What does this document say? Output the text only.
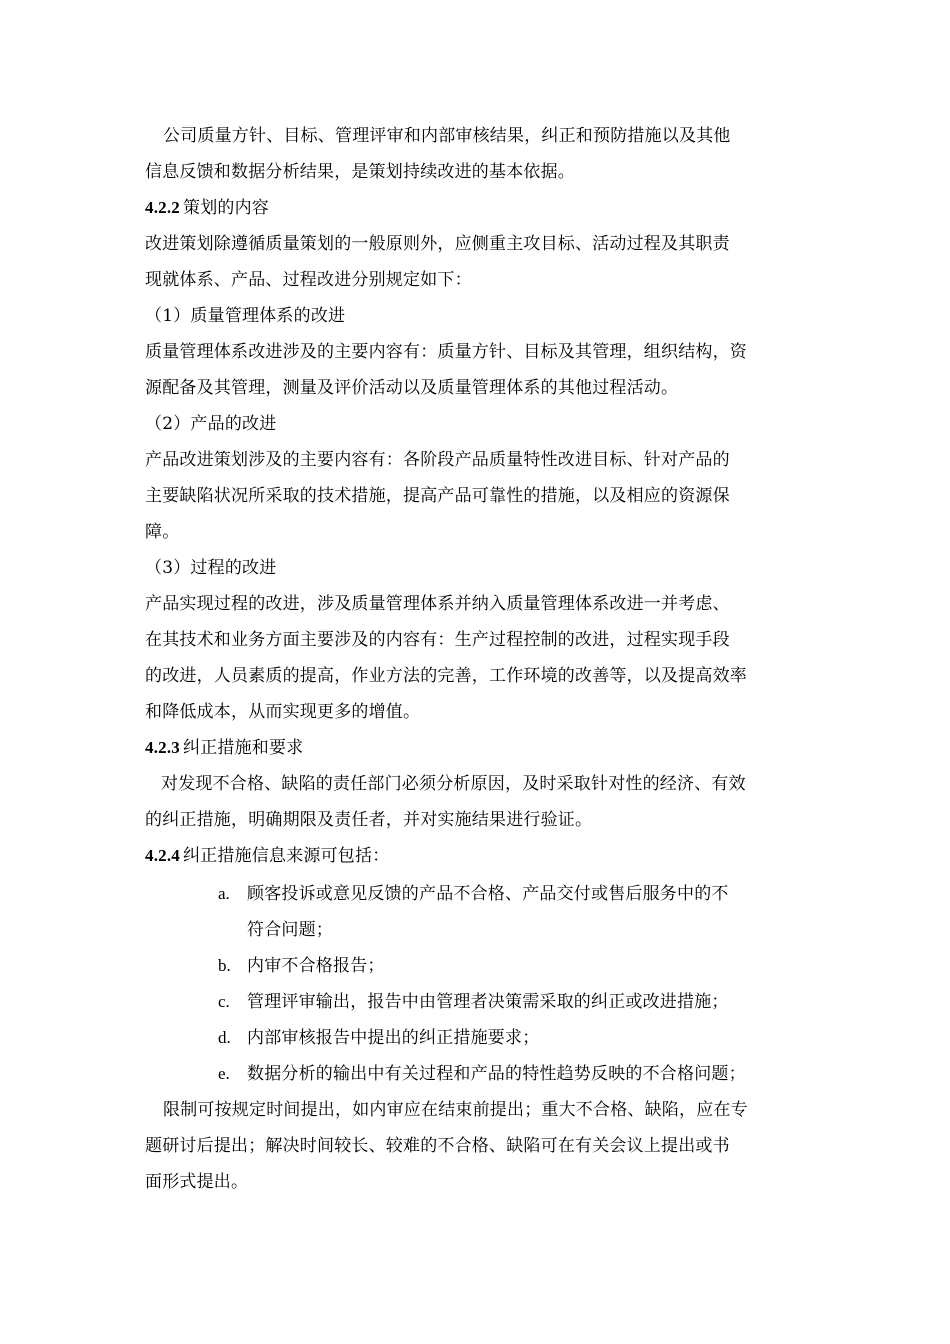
公司质量方针、目标、管理评审和内部审核结果，纠正和预防措施以及其他
信息反馈和数据分析结果，是策划持续改进的基本依据。
4.2.2 策划的内容
改进策划除遵循质量策划的一般原则外，应侧重主攻目标、活动过程及其职责
现就体系、产品、过程改进分别规定如下：
（1）质量管理体系的改进
质量管理体系改进涉及的主要内容有：质量方针、目标及其管理，组织结构，资
源配备及其管理，测量及评价活动以及质量管理体系的其他过程活动。
（2）产品的改进
产品改进策划涉及的主要内容有：各阶段产品质量特性改进目标、针对产品的
主要缺陷状况所采取的技术措施，提高产品可靠性的措施，以及相应的资源保
障。
（3）过程的改进
产品实现过程的改进，涉及质量管理体系并纳入质量管理体系改进一并考虑、
在其技术和业务方面主要涉及的内容有：生产过程控制的改进，过程实现手段
的改进，人员素质的提高，作业方法的完善，工作环境的改善等，以及提高效率
和降低成本，从而实现更多的增值。
4.2.3 纠正措施和要求
对发现不合格、缺陷的责任部门必须分析原因，及时采取针对性的经济、有效
的纠正措施，明确期限及责任者，并对实施结果进行验证。
4.2.4 纠正措施信息来源可包括：
a. 顾客投诉或意见反馈的产品不合格、产品交付或售后服务中的不
符合问题；
b. 内审不合格报告；
c. 管理评审输出，报告中由管理者决策需采取的纠正或改进措施；
d. 内部审核报告中提出的纠正措施要求；
e. 数据分析的输出中有关过程和产品的特性趋势反映的不合格问题；
限制可按规定时间提出，如内审应在结束前提出；重大不合格、缺陷，应在专
题研讨后提出；解决时间较长、较难的不合格、缺陷可在有关会议上提出或书
面形式提出。
